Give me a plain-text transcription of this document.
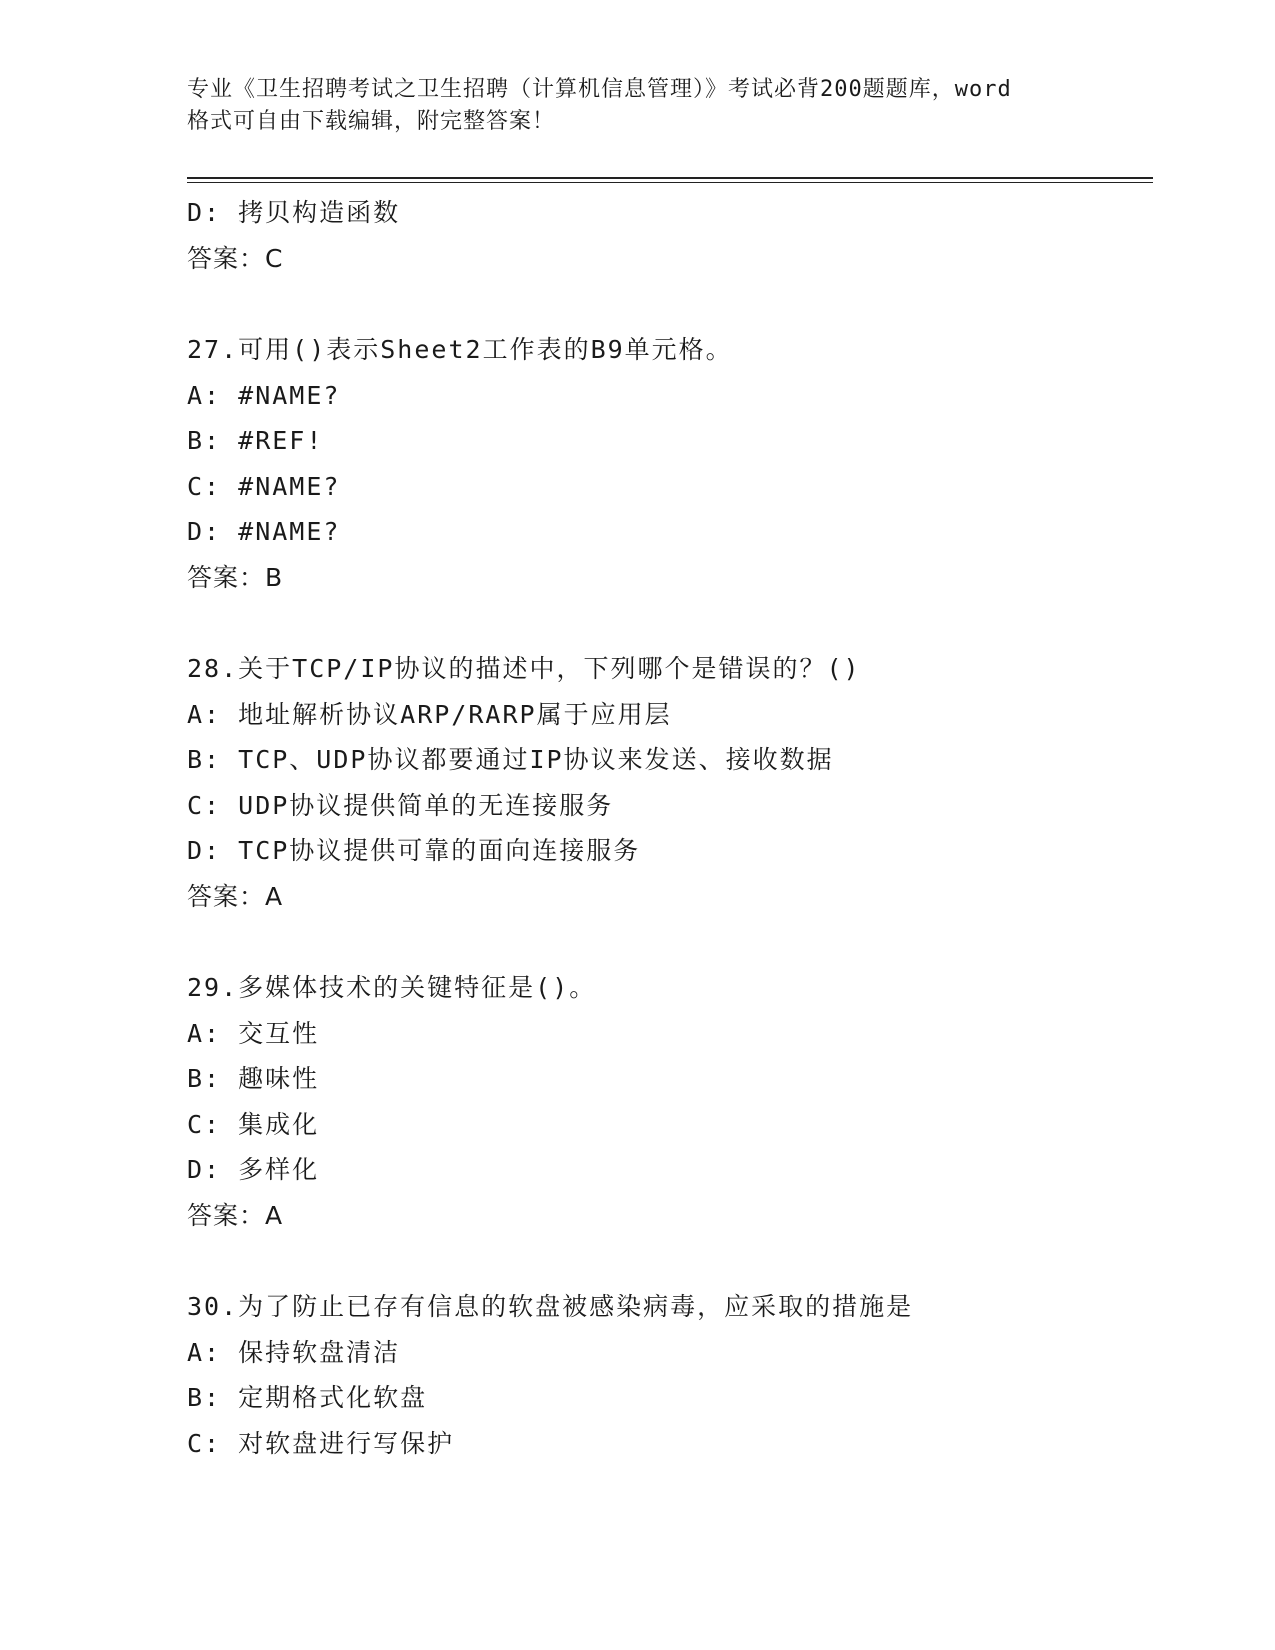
专业《卫生招聘考试之卫生招聘（计算机信息管理）》考试必背200题题库，word
格式可自由下载编辑，附完整答案！
D: 拷贝构造函数
答案：C
27.可用()表示Sheet2工作表的B9单元格。
A: #NAME?
B: #REF!
C: #NAME?
D: #NAME?
答案：B
28.关于TCP/IP协议的描述中，下列哪个是错误的？()
A: 地址解析协议ARP/RARP属于应用层
B: TCP、UDP协议都要通过IP协议来发送、接收数据
C: UDP协议提供简单的无连接服务
D: TCP协议提供可靠的面向连接服务
答案：A
29.多媒体技术的关键特征是()。
A: 交互性
B: 趣味性
C: 集成化
D: 多样化
答案：A
30.为了防止已存有信息的软盘被感染病毒，应采取的措施是
A: 保持软盘清洁
B: 定期格式化软盘
C: 对软盘进行写保护
